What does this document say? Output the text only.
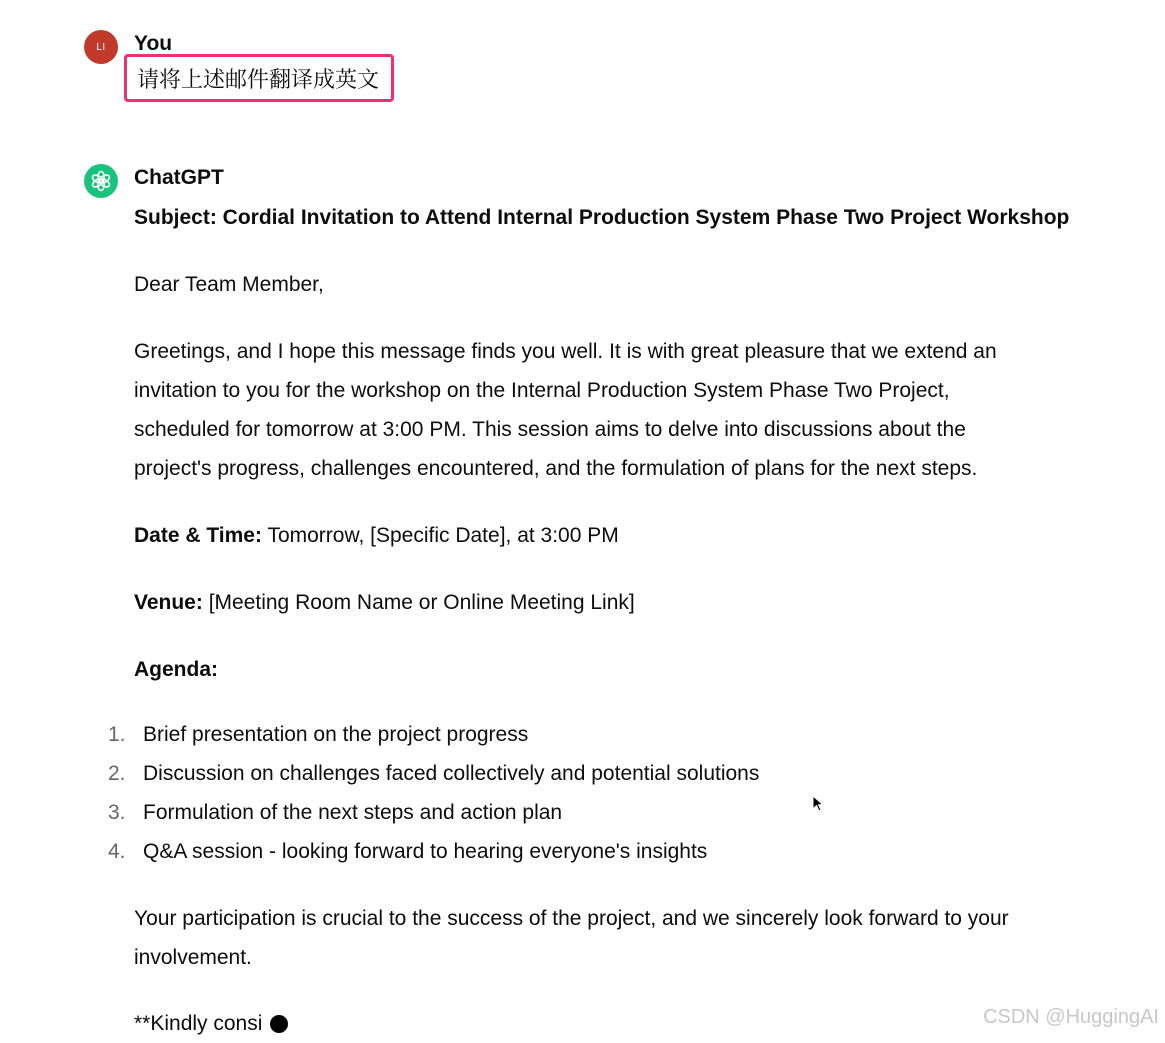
LI You
请将上述邮件翻译成英文
ChatGPT

Subject: Cordial Invitation to Attend Internal Production System Phase Two Project Workshop

Dear Team Member,

Greetings, and I hope this message finds you well. It is with great pleasure that we extend an

invitation to you for the workshop on the Internal Production System Phase Two Project,

scheduled for tomorrow at 3:00 PM. This session aims to delve into discussions about the

project's progress, challenges encountered, and the formulation of plans for the next steps.

Date & Time: Tomorrow, [Specific Date], at 3:00 PM

Venue: [Meeting Room Name or Online Meeting Link]

Agenda:

1. Brief presentation on the project progress
2. Discussion on challenges faced collectively and potential solutions
3. Formulation of the next steps and action plan
4. Q&A session - looking forward to hearing everyone's insights

Your participation is crucial to the success of the project, and we sincerely look forward to your

involvement.

**Kindly consi	CSDN @HuggingAI
